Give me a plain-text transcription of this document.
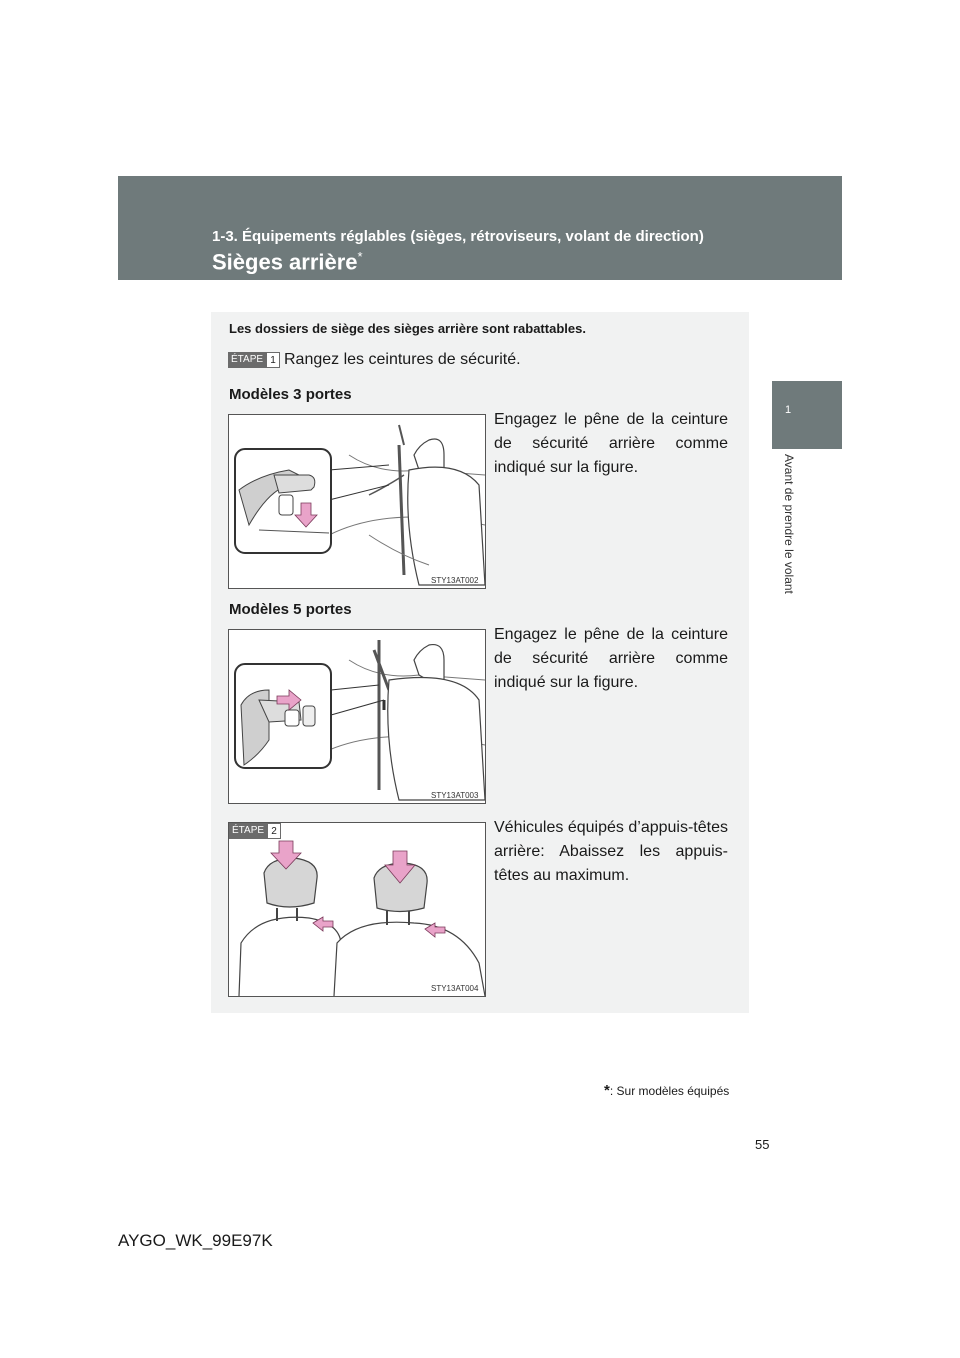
1-3. Équipements réglables (sièges, rétroviseurs, volant de direction)
Sièges arrière*
1
Avant de prendre le volant
Les dossiers de siège des sièges arrière sont rabattables.
ÉTAPE 1 Rangez les ceintures de sécurité.
Modèles 3 portes
Engagez le pêne de la ceinture de sécurité arrière comme indiqué sur la figure.
STY13AT002
Modèles 5 portes
Engagez le pêne de la ceinture de sécurité arrière comme indiqué sur la figure.
STY13AT003
Véhicules équipés d’appuis-têtes arrière: Abaissez les appuis-têtes au maximum.
ÉTAPE 2
STY13AT004
*: Sur modèles équipés
55
AYGO_WK_99E97K
